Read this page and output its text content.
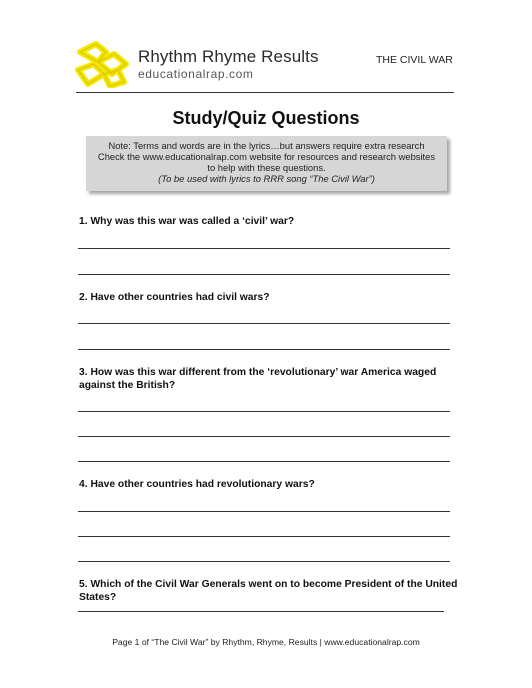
Rhythm Rhyme Results
educationalrap.com
THE CIVIL WAR
Study/Quiz Questions
Note: Terms and words are in the lyrics…but answers require extra research
Check the www.educationalrap.com website for resources and research websites
to help with these questions.
(To be used with lyrics to RRR song “The Civil War”)
1. Why was this war was called a ‘civil’ war?
2. Have other countries had civil wars?
3. How was this war different from the ‘revolutionary’ war America waged against the British?
4. Have other countries had revolutionary wars?
5. Which of the Civil War Generals went on to become President of the United States?
Page 1 of “The Civil War” by Rhythm, Rhyme, Results | www.educationalrap.com
